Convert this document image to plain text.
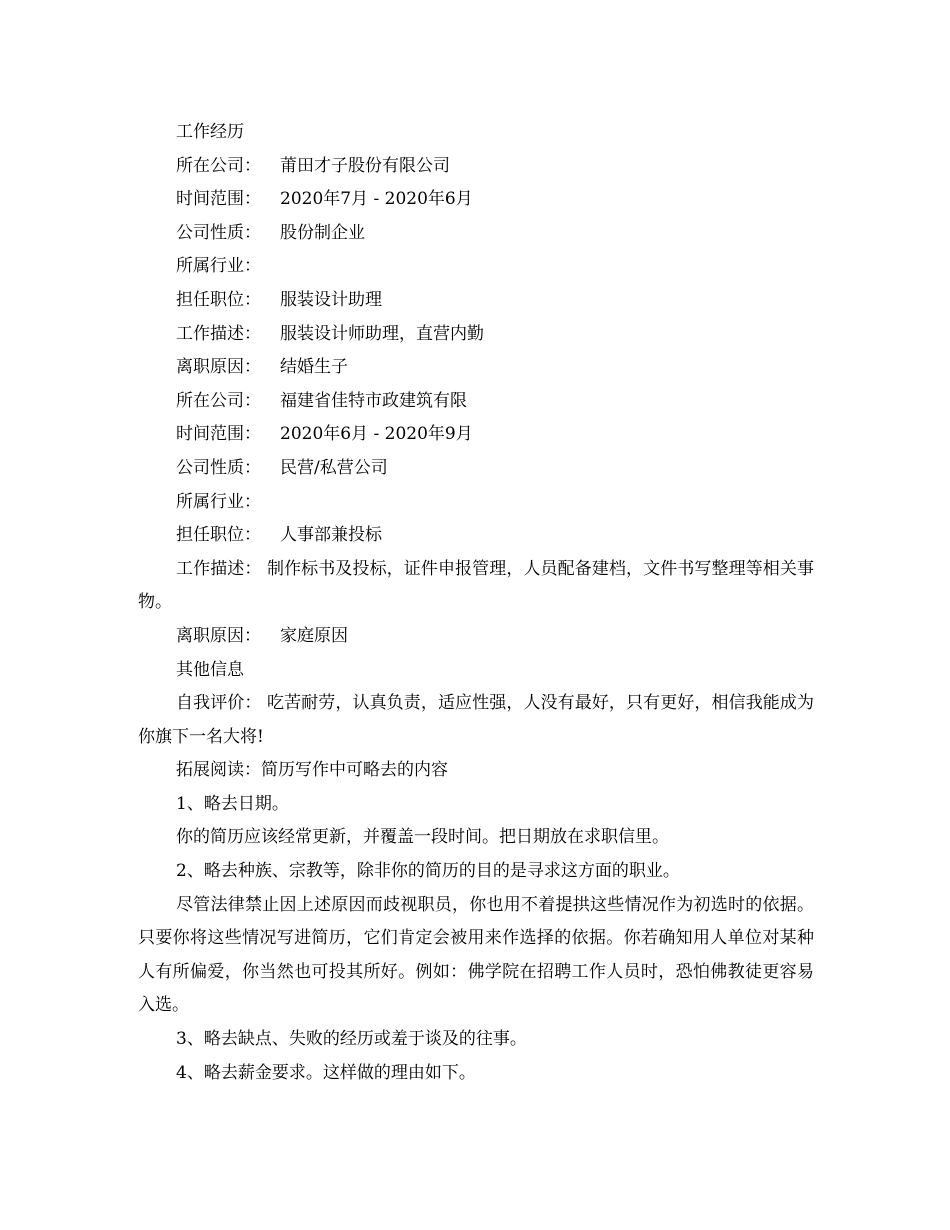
工作经历
所在公司： 莆田才子股份有限公司
时间范围： 2020年7月 - 2020年6月
公司性质： 股份制企业
所属行业：
担任职位： 服装设计助理
工作描述： 服装设计师助理，直营内勤
离职原因： 结婚生子
所在公司： 福建省佳特市政建筑有限
时间范围： 2020年6月 - 2020年9月
公司性质： 民营/私营公司
所属行业：
担任职位： 人事部兼投标

工作描述： 制作标书及投标，证件申报管理，人员配备建档，文件书写整理等相关事物。

离职原因： 家庭原因
其他信息

自我评价： 吃苦耐劳，认真负责，适应性强，人没有最好，只有更好，相信我能成为你旗下一名大将!

拓展阅读：简历写作中可略去的内容

1、略去日期。

你的简历应该经常更新，并覆盖一段时间。把日期放在求职信里。

2、略去种族、宗教等，除非你的简历的目的是寻求这方面的职业。

尽管法律禁止因上述原因而歧视职员，你也用不着提拱这些情况作为初选时的依据。只要你将这些情况写进简历，它们肯定会被用来作选择的依据。你若确知用人单位对某种人有所偏爱，你当然也可投其所好。例如：佛学院在招聘工作人员时，恐怕佛教徒更容易入选。

3、略去缺点、失败的经历或羞于谈及的往事。

4、略去薪金要求。这样做的理由如下。
